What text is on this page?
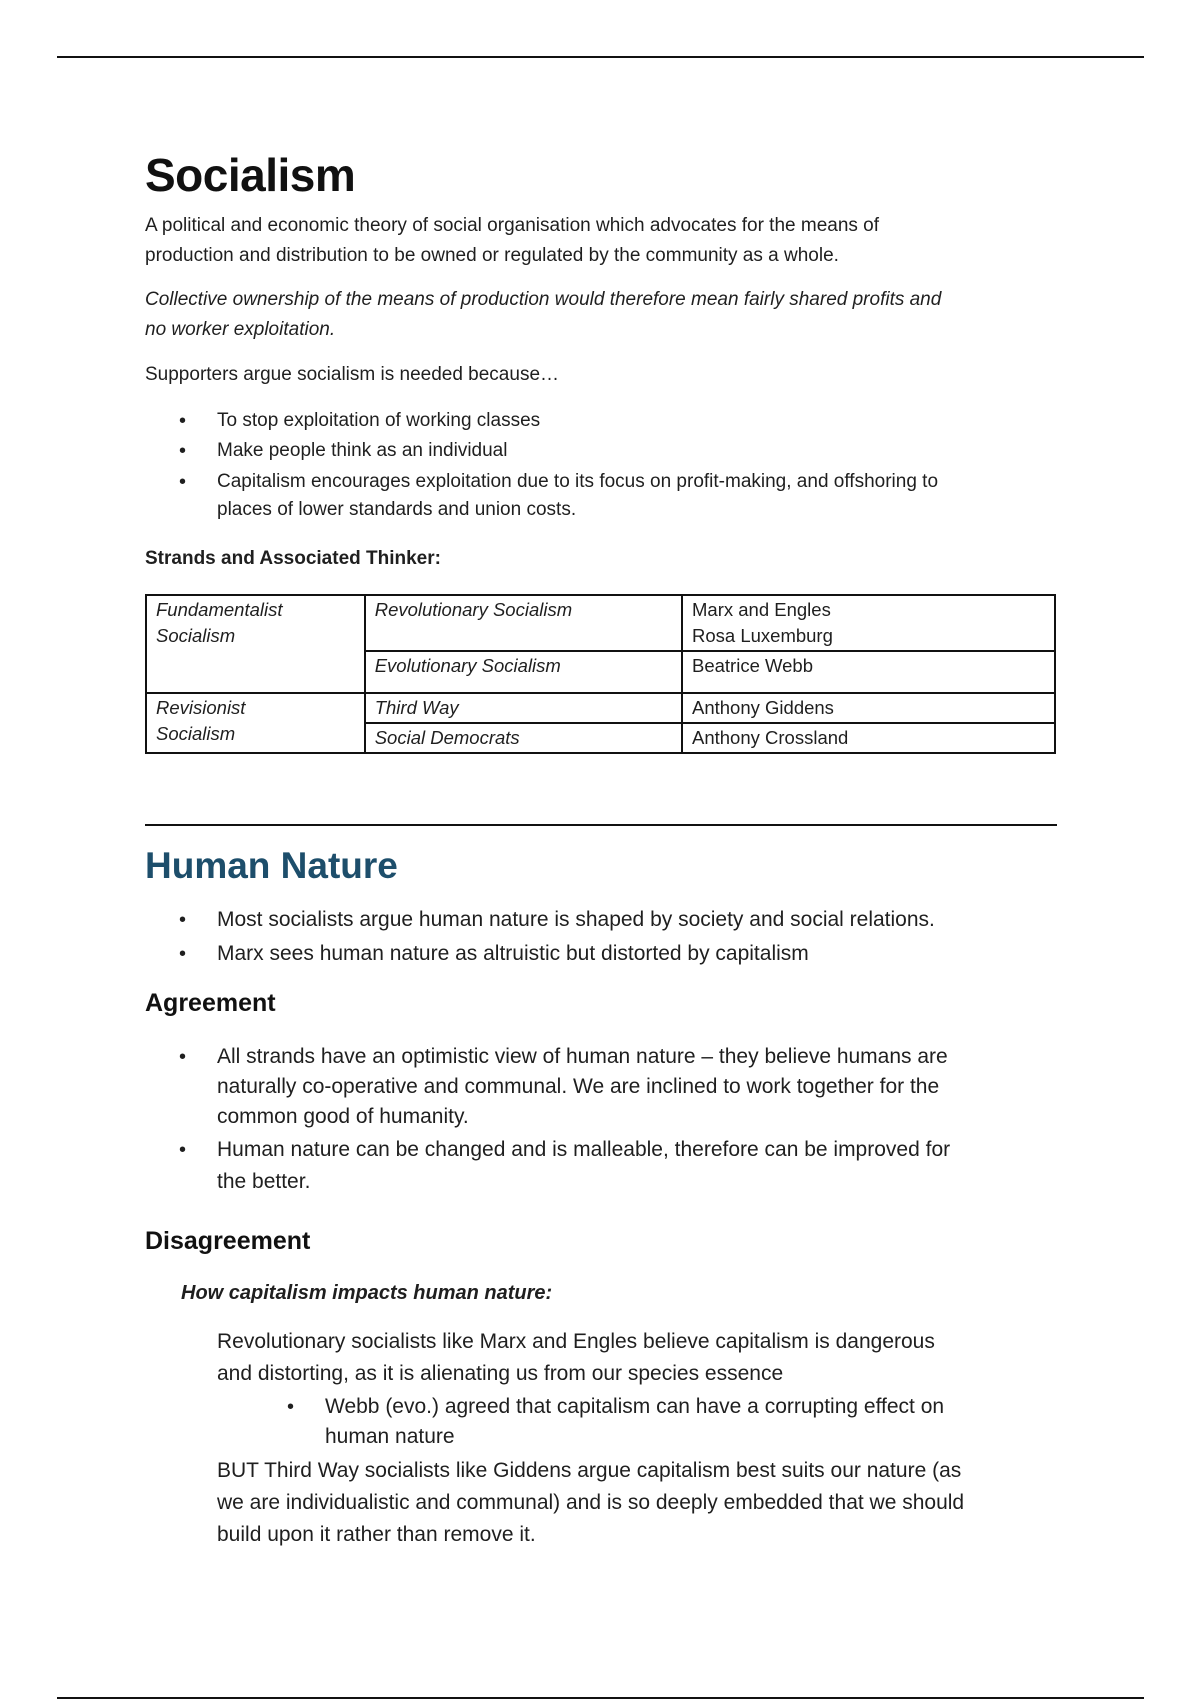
Socialism
A political and economic theory of social organisation which advocates for the means of
production and distribution to be owned or regulated by the community as a whole.
Collective ownership of the means of production would therefore mean fairly shared profits and
no worker exploitation.
Supporters argue socialism is needed because…
• To stop exploitation of working classes
• Make people think as an individual
• Capitalism encourages exploitation due to its focus on profit-making, and offshoring to
places of lower standards and union costs.
Strands and Associated Thinker:
Fundamentalist
Socialism	Revolutionary Socialism	Marx and Engles
Rosa Luxemburg
	Evolutionary Socialism	Beatrice Webb
Revisionist
Socialism	Third Way	Anthony Giddens
	Social Democrats	Anthony Crossland
Human Nature
• Most socialists argue human nature is shaped by society and social relations.
• Marx sees human nature as altruistic but distorted by capitalism
Agreement
• All strands have an optimistic view of human nature – they believe humans are
naturally co-operative and communal. We are inclined to work together for the
common good of humanity.
• Human nature can be changed and is malleable, therefore can be improved for
the better.
Disagreement
How capitalism impacts human nature:
Revolutionary socialists like Marx and Engles believe capitalism is dangerous
and distorting, as it is alienating us from our species essence
• Webb (evo.) agreed that capitalism can have a corrupting effect on
human nature
BUT Third Way socialists like Giddens argue capitalism best suits our nature (as
we are individualistic and communal) and is so deeply embedded that we should
build upon it rather than remove it.
